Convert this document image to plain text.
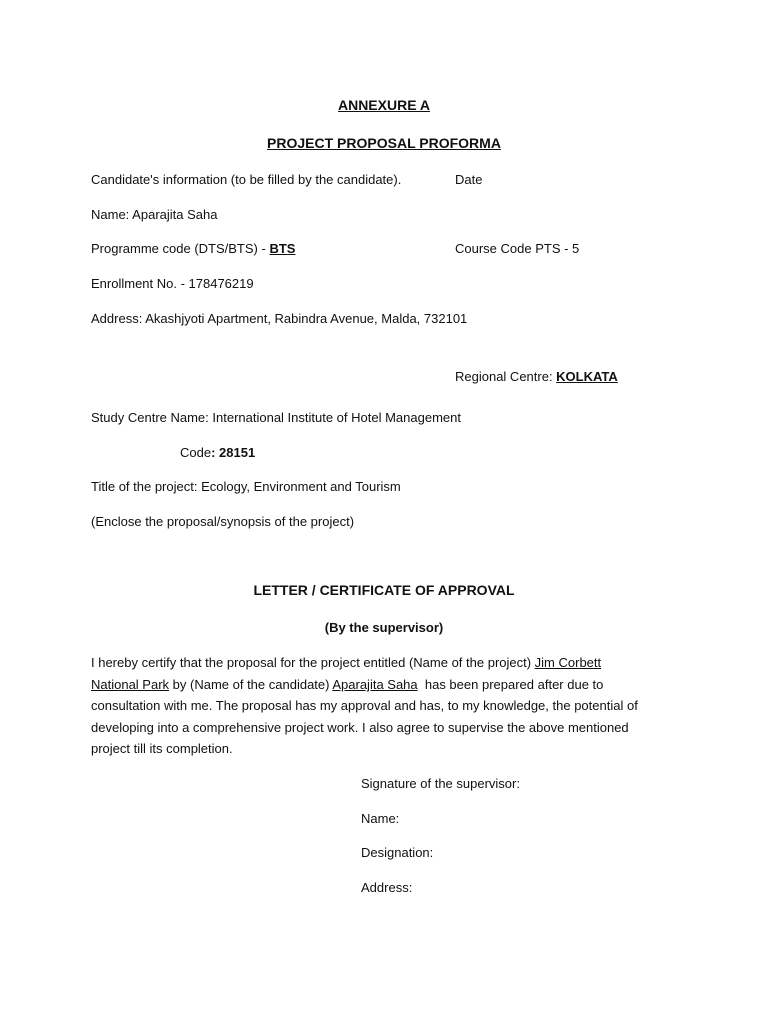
ANNEXURE A
PROJECT PROPOSAL PROFORMA
Candidate's information (to be filled by the candidate).	Date
Name: Aparajita Saha
Programme code (DTS/BTS) - BTS	Course Code PTS - 5
Enrollment No. - 178476219
Address: Akashjyoti Apartment, Rabindra Avenue, Malda, 732101
Regional Centre: KOLKATA
Study Centre Name: International Institute of Hotel Management
Code: 28151
Title of the project: Ecology, Environment and Tourism
(Enclose the proposal/synopsis of the project)
LETTER / CERTIFICATE OF APPROVAL
(By the supervisor)
I hereby certify that the proposal for the project entitled (Name of the project) Jim Corbett
National Park by (Name of the candidate) Aparajita Saha  has been prepared after due to
consultation with me. The proposal has my approval and has, to my knowledge, the potential of
developing into a comprehensive project work. I also agree to supervise the above mentioned
project till its completion.
Signature of the supervisor:
Name:
Designation:
Address:
